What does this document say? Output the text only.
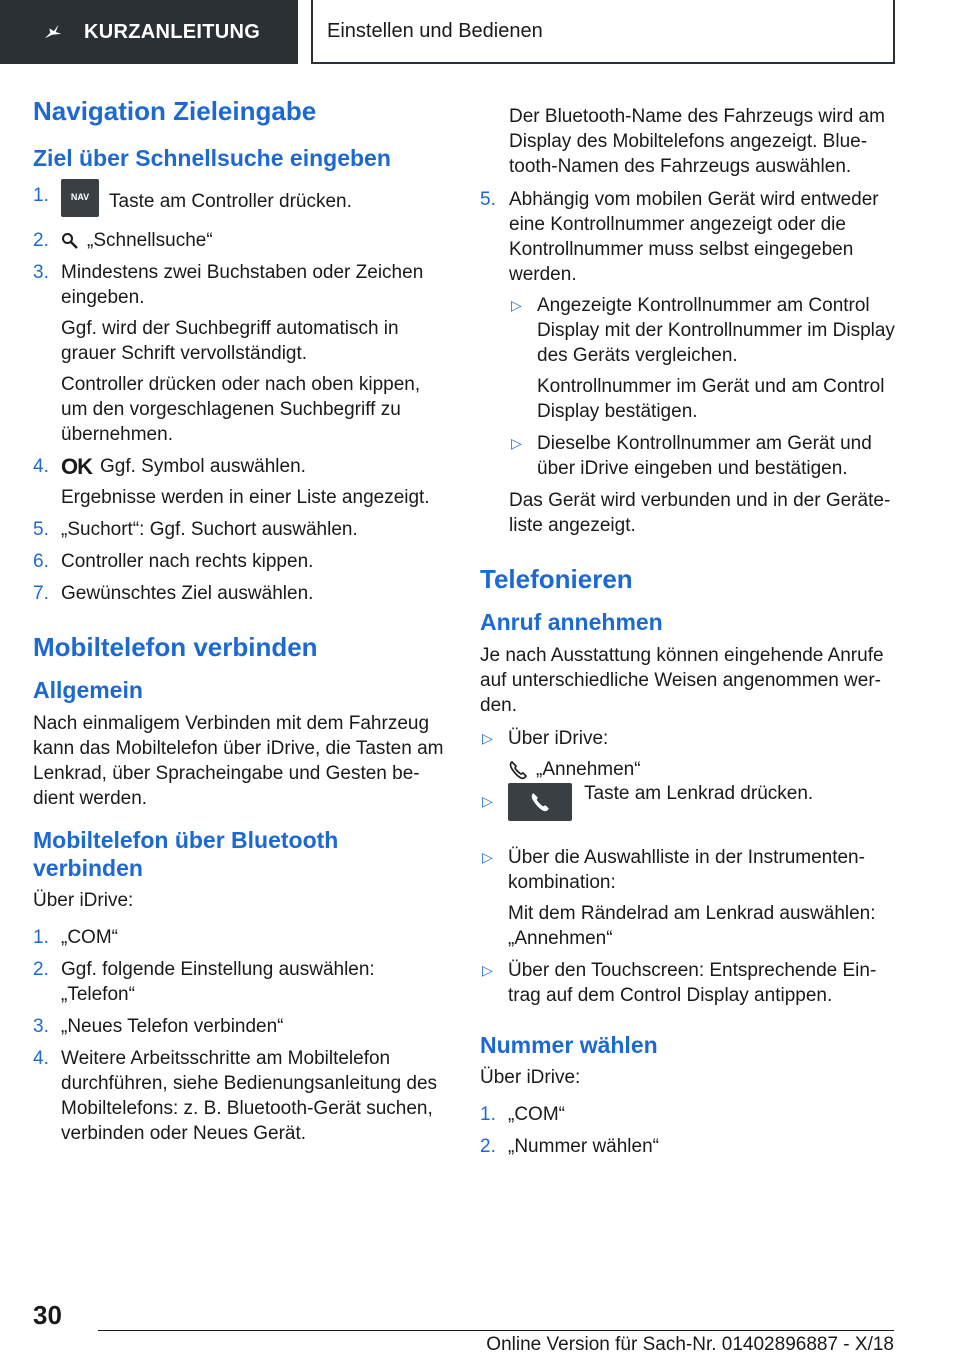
KURZANLEITUNG	Einstellen und Bedienen
Navigation Zieleingabe
Ziel über Schnellsuche eingeben
1. NAV Taste am Controller drücken.
2. „Schnellsuche“
3. Mindestens zwei Buchstaben oder Zeichen eingeben.
Ggf. wird der Suchbegriff automatisch in grauer Schrift vervollständigt.
Controller drücken oder nach oben kippen, um den vorgeschlagenen Suchbegriff zu übernehmen.
4. OK Ggf. Symbol auswählen.
Ergebnisse werden in einer Liste angezeigt.
5. „Suchort“: Ggf. Suchort auswählen.
6. Controller nach rechts kippen.
7. Gewünschtes Ziel auswählen.
Mobiltelefon verbinden
Allgemein

Nach einmaligem Verbinden mit dem Fahrzeug kann das Mobiltelefon über iDrive, die Tasten am Lenkrad, über Spracheingabe und Gesten bedient werden.

Mobiltelefon über Bluetooth verbinden

Über iDrive:

1. „COM“
2. Ggf. folgende Einstellung auswählen: „Telefon“
3. „Neues Telefon verbinden“
4. Weitere Arbeitsschritte am Mobiltelefon durchführen, siehe Bedienungsanleitung des Mobiltelefons: z. B. Bluetooth-Gerät suchen, verbinden oder Neues Gerät.

Der Bluetooth-Name des Fahrzeugs wird am Display des Mobiltelefons angezeigt. Bluetooth-Namen des Fahrzeugs auswählen.

5. Abhängig vom mobilen Gerät wird entweder eine Kontrollnummer angezeigt oder die Kontrollnummer muss selbst eingegeben werden.
▷ Angezeigte Kontrollnummer am Control Display mit der Kontrollnummer im Display des Geräts vergleichen.
Kontrollnummer im Gerät und am Control Display bestätigen.
▷ Dieselbe Kontrollnummer am Gerät und über iDrive eingeben und bestätigen.

Das Gerät wird verbunden und in der Geräteliste angezeigt.

Telefonieren
Anruf annehmen

Je nach Ausstattung können eingehende Anrufe auf unterschiedliche Weisen angenommen werden.

▷ Über iDrive:
„Annehmen“
▷	Taste am Lenkrad drücken.
▷ Über die Auswahlliste in der Instrumentenkombination:
Mit dem Rändelrad am Lenkrad auswählen: „Annehmen“
▷ Über den Touchscreen: Entsprechende Eintrag auf dem Control Display antippen.
Nummer wählen

Über iDrive:

1. „COM“
2. „Nummer wählen“
30
Online Version für Sach-Nr. 01402896887 - X/18
